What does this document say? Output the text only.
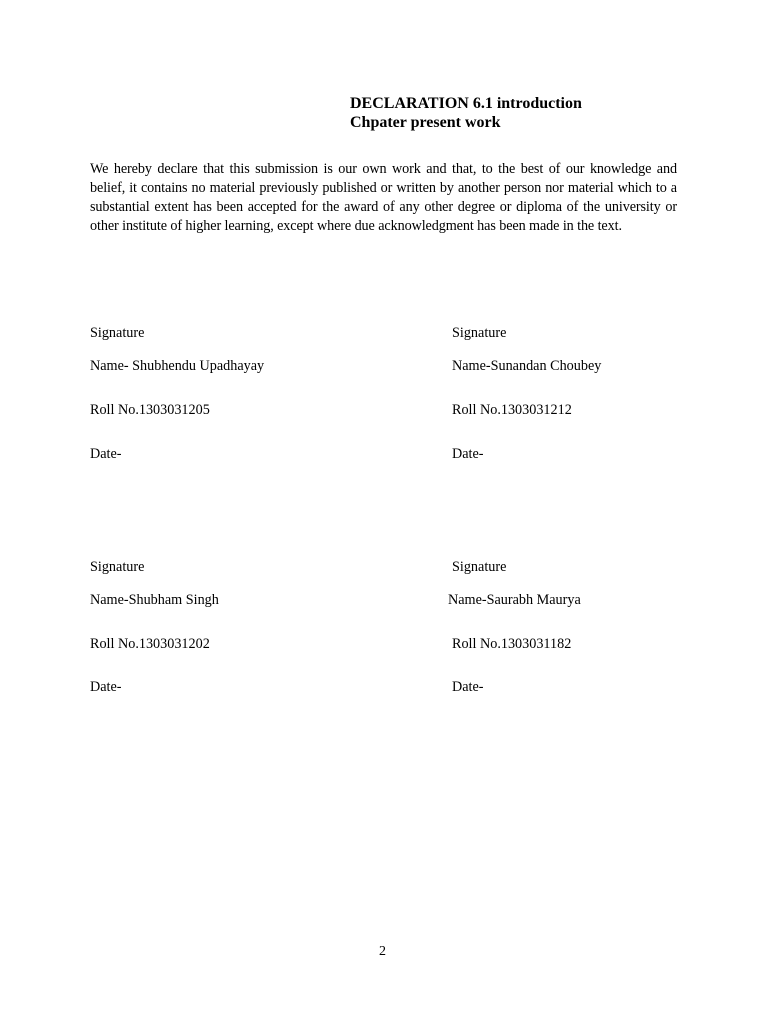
DECLARATION 6.1 introduction
Chpater present work
We hereby declare that this submission is our own work and that, to the best of our knowledge and belief, it contains no material previously published or written by another person nor material which to a substantial extent has been accepted for the award of any other degree or diploma of the university or other institute of higher learning, except where due acknowledgment has been made in the text.
Signature
Name- Shubhendu Upadhayay
Roll No.1303031205
Date-
Signature
Name-Sunandan Choubey
Roll No.1303031212
Date-
Signature
Name-Shubham Singh
Roll No.1303031202
Date-
Signature
Name-Saurabh Maurya
Roll No.1303031182
Date-
2
